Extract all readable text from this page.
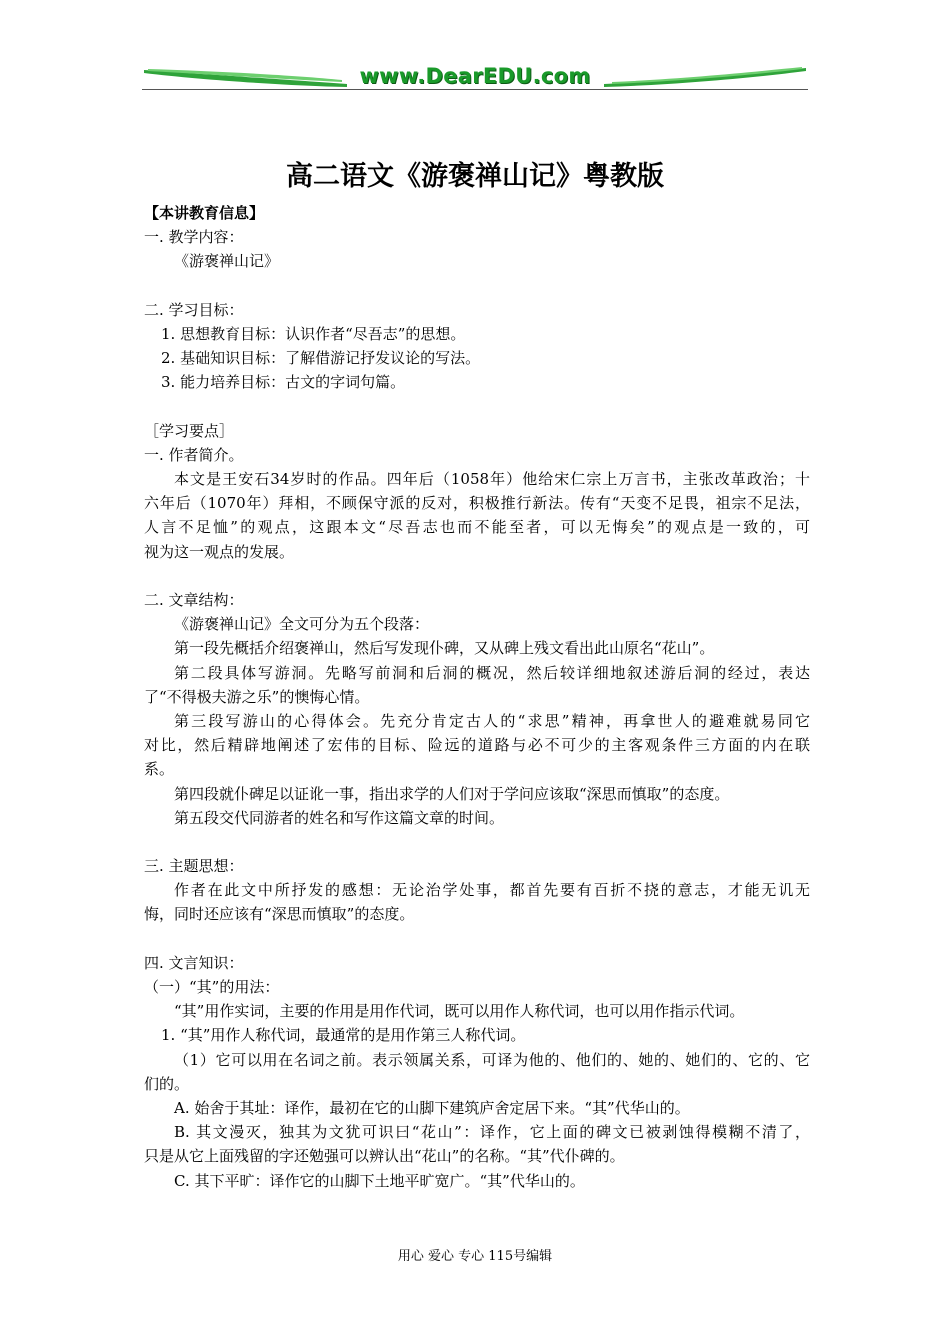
www.DearEDU.com
高二语文《游褒禅山记》粤教版
【本讲教育信息】
一. 教学内容：
《游褒禅山记》
二. 学习目标：
1. 思想教育目标：认识作者“尽吾志”的思想。
2. 基础知识目标：了解借游记抒发议论的写法。
3. 能力培养目标：古文的字词句篇。
［学习要点］
一. 作者简介。
本文是王安石34岁时的作品。四年后（1058年）他给宋仁宗上万言书，主张改革政治；十
六年后（1070年）拜相，不顾保守派的反对，积极推行新法。传有“天变不足畏，祖宗不足法，
人言不足恤”的观点，这跟本文“尽吾志也而不能至者，可以无悔矣”的观点是一致的，可
视为这一观点的发展。
二. 文章结构：
《游褒禅山记》全文可分为五个段落：
第一段先概括介绍褒禅山，然后写发现仆碑，又从碑上残文看出此山原名“花山”。
第二段具体写游洞。先略写前洞和后洞的概况，然后较详细地叙述游后洞的经过，表达
了“不得极夫游之乐”的懊悔心情。
第三段写游山的心得体会。先充分肯定古人的“求思”精神，再拿世人的避难就易同它
对比，然后精辟地阐述了宏伟的目标、险远的道路与必不可少的主客观条件三方面的内在联
系。
第四段就仆碑足以证讹一事，指出求学的人们对于学问应该取“深思而慎取”的态度。
第五段交代同游者的姓名和写作这篇文章的时间。
三. 主题思想：
作者在此文中所抒发的感想：无论治学处事，都首先要有百折不挠的意志，才能无讥无
悔，同时还应该有“深思而慎取”的态度。
四. 文言知识：
（一）“其”的用法：
“其”用作实词，主要的作用是用作代词，既可以用作人称代词，也可以用作指示代词。
1. “其”用作人称代词，最通常的是用作第三人称代词。
（1）它可以用在名词之前。表示领属关系，可译为他的、他们的、她的、她们的、它的、它
们的。
A. 始舍于其址：译作，最初在它的山脚下建筑庐舍定居下来。“其”代华山的。
B. 其文漫灭，独其为文犹可识曰“花山”：译作，它上面的碑文已被剥蚀得模糊不清了，
只是从它上面残留的字还勉强可以辨认出“花山”的名称。“其”代仆碑的。
C. 其下平旷：译作它的山脚下土地平旷宽广。“其”代华山的。
用心 爱心 专心 115号编辑
